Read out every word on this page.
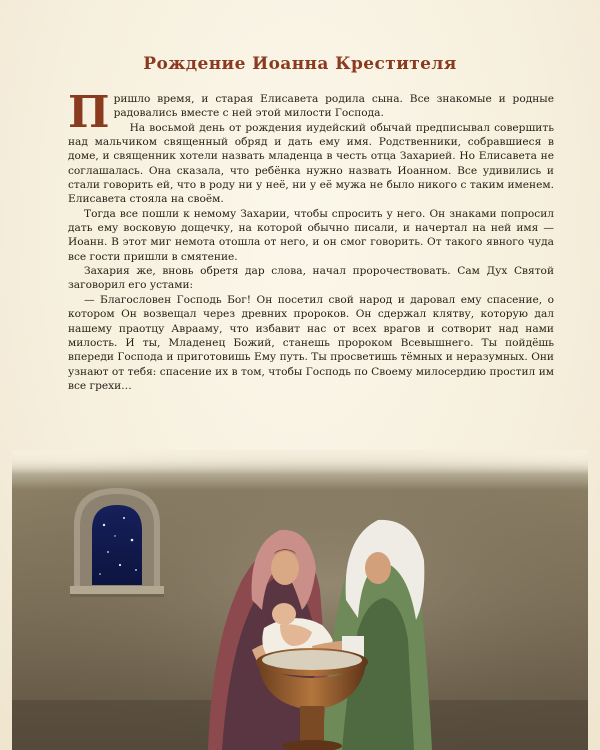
Рождение Иоанна Крестителя

Пришло время, и старая Елисавета родила сына. Все знакомые и родные радовались вместе с ней этой милости Господа.

На восьмой день от рождения иудейский обычай предписывал совершить над мальчиком священный обряд и дать ему имя. Родственники, собравшиеся в доме, и священник хотели назвать младенца в честь отца Захарией. Но Елисавета не соглашалась. Она сказала, что ребёнка нужно назвать Иоанном. Все удивились и стали говорить ей, что в роду ни у неё, ни у её мужа не было никого с таким именем. Елисавета стояла на своём.

Тогда все пошли к немому Захарии, чтобы спросить у него. Он знаками попросил дать ему восковую дощечку, на которой обычно писали, и начертал на ней имя — Иоанн. В этот миг немота отошла от него, и он смог говорить. От такого явного чуда все гости пришли в смятение.

Захария же, вновь обретя дар слова, начал пророчествовать. Сам Дух Святой заговорил его устами:

— Благословен Господь Бог! Он посетил свой народ и даровал ему спасение, о котором Он возвещал через древних пророков. Он сдержал клятву, которую дал нашему праотцу Аврааму, что избавит нас от всех врагов и сотворит над нами милость. И ты, Младенец Божий, станешь пророком Всевышнего. Ты пойдёшь впереди Господа и приготовишь Ему путь. Ты просветишь тёмных и неразумных. Они узнают от тебя: спасение их в том, чтобы Господь по Своему милосердию простил им все грехи…
